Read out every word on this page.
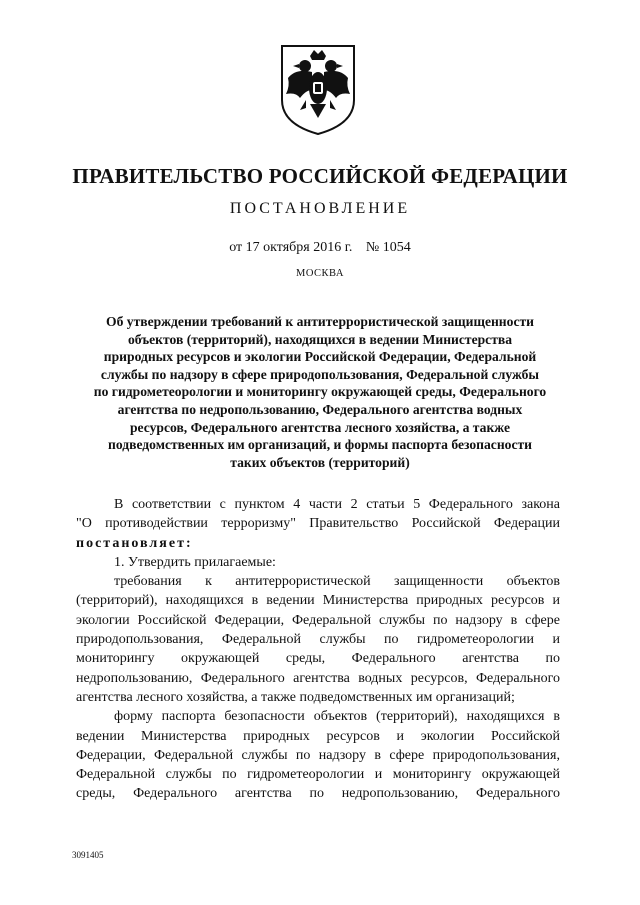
ПРАВИТЕЛЬСТВО РОССИЙСКОЙ ФЕДЕРАЦИИ
ПОСТАНОВЛЕНИЕ
от 17 октября 2016 г. № 1054
МОСКВА
Об утверждении требований к антитеррористической защищенности
объектов (территорий), находящихся в ведении Министерства
природных ресурсов и экологии Российской Федерации, Федеральной
службы по надзору в сфере природопользования, Федеральной службы
по гидрометеорологии и мониторингу окружающей среды, Федерального
агентства по недропользованию, Федерального агентства водных
ресурсов, Федерального агентства лесного хозяйства, а также
подведомственных им организаций, и формы паспорта безопасности
таких объектов (территорий)
В соответствии с пунктом 4 части 2 статьи 5 Федерального закона
"О противодействии терроризму" Правительство Российской Федерации
постановляет:
1. Утвердить прилагаемые:
требования к антитеррористической защищенности объектов
(территорий), находящихся в ведении Министерства природных ресурсов и
экологии Российской Федерации, Федеральной службы по надзору в сфере
природопользования, Федеральной службы по гидрометеорологии и
мониторингу окружающей среды, Федерального агентства по
недропользованию, Федерального агентства водных ресурсов, Федерального
агентства лесного хозяйства, а также подведомственных им организаций;
форму паспорта безопасности объектов (территорий), находящихся в
ведении Министерства природных ресурсов и экологии Российской
Федерации, Федеральной службы по надзору в сфере природопользования,
Федеральной службы по гидрометеорологии и мониторингу окружающей
среды, Федерального агентства по недропользованию, Федерального
3091405
